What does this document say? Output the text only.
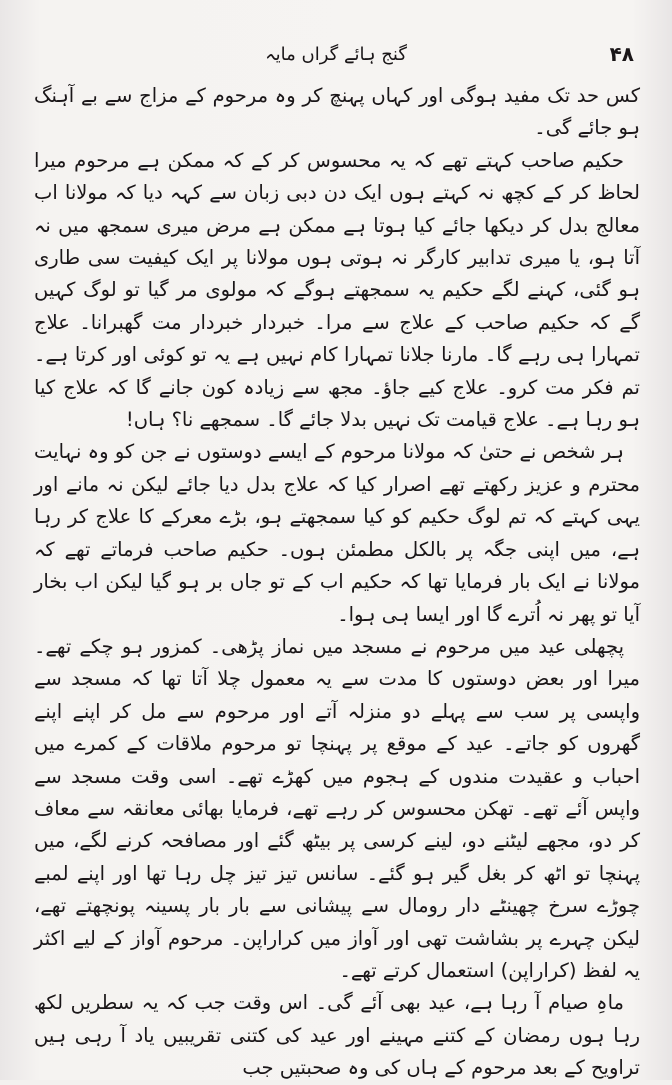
گنج ہائے گراں مایہ	۴۸

کس حد تک مفید ہوگی اور کہاں پہنچ کر وہ مرحوم کے مزاج سے بے آہنگ ہو جائے گی۔

حکیم صاحب کہتے تھے کہ یہ محسوس کر کے کہ ممکن ہے مرحوم میرا لحاظ کر کے کچھ نہ کہتے ہوں ایک دن دبی زبان سے کہہ دیا کہ مولانا اب معالج بدل کر دیکھا جائے کیا ہوتا ہے ممکن ہے مرض میری سمجھ میں نہ آتا ہو، یا میری تدابیر کارگر نہ ہوتی ہوں مولانا پر ایک کیفیت سی طاری ہو گئی، کہنے لگے حکیم یہ سمجھتے ہوگے کہ مولوی مر گیا تو لوگ کہیں گے کہ حکیم صاحب کے علاج سے مرا۔ خبردار خبردار مت گھبرانا۔ علاج تمہارا ہی رہے گا۔ مارنا جلانا تمہارا کام نہیں ہے یہ تو کوئی اور کرتا ہے۔ تم فکر مت کرو۔ علاج کیے جاؤ۔ مجھ سے زیادہ کون جانے گا کہ علاج کیا ہو رہا ہے۔ علاج قیامت تک نہیں بدلا جائے گا۔ سمجھے نا؟ ہاں!

ہر شخص نے حتیٰ کہ مولانا مرحوم کے ایسے دوستوں نے جن کو وہ نہایت محترم و عزیز رکھتے تھے اصرار کیا کہ علاج بدل دیا جائے لیکن نہ مانے اور یہی کہتے کہ تم لوگ حکیم کو کیا سمجھتے ہو، بڑے معرکے کا علاج کر رہا ہے، میں اپنی جگہ پر بالکل مطمئن ہوں۔ حکیم صاحب فرماتے تھے کہ مولانا نے ایک بار فرمایا تھا کہ حکیم اب کے تو جاں بر ہو گیا لیکن اب بخار آیا تو پھر نہ اُترے گا اور ایسا ہی ہوا۔

پچھلی عید میں مرحوم نے مسجد میں نماز پڑھی۔ کمزور ہو چکے تھے۔ میرا اور بعض دوستوں کا مدت سے یہ معمول چلا آتا تھا کہ مسجد سے واپسی پر سب سے پہلے دو منزلہ آتے اور مرحوم سے مل کر اپنے اپنے گھروں کو جاتے۔ عید کے موقع پر پہنچا تو مرحوم ملاقات کے کمرے میں احباب و عقیدت مندوں کے ہجوم میں کھڑے تھے۔ اسی وقت مسجد سے واپس آئے تھے۔ تھکن محسوس کر رہے تھے، فرمایا بھائی معانقہ سے معاف کر دو، مجھے لیٹنے دو، لینے کرسی پر بیٹھ گئے اور مصافحہ کرنے لگے، میں پہنچا تو اٹھ کر بغل گیر ہو گئے۔ سانس تیز تیز چل رہا تھا اور اپنے لمبے چوڑے سرخ چھینٹے دار رومال سے پیشانی سے بار بار پسینہ پونچھتے تھے، لیکن چہرے پر بشاشت تھی اور آواز میں کراراپن۔ مرحوم آواز کے لیے اکثر یہ لفظ (کراراپن) استعمال کرتے تھے۔

ماہِ صیام آ رہا ہے، عید بھی آئے گی۔ اس وقت جب کہ یہ سطریں لکھ رہا ہوں رمضان کے کتنے مہینے اور عید کی کتنی تقریبیں یاد آ رہی ہیں تراویح کے بعد مرحوم کے ہاں کی وہ صحبتیں جب
